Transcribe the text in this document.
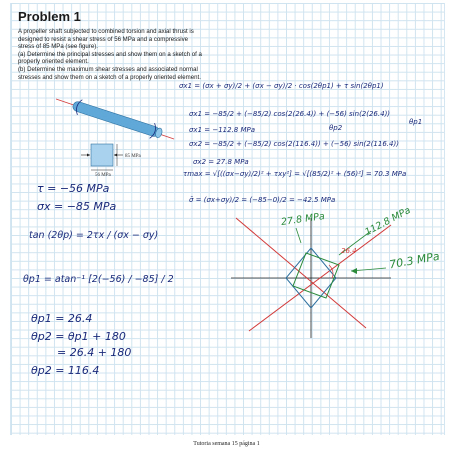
Problem 1

A propeller shaft subjected to combined torsion and axial thrust is designed to resist a shear stress of 56 MPa and a compressive stress of 85 MPa (see figure).

(a) Determine the principal stresses and show them on a sketch of a properly oriented element.

(b) Determine the maximum shear stresses and associated normal stresses and show them on a sketch of a properly oriented element.

85 MPa
56 MPa
τ = −56 MPa
σx = −85 MPa
tan (2θp) = 2τx / (σx − σy)
θp1 = atan⁻¹ [2(−56) / −85] / 2
θp1 = 26.4
θp2 = θp1 + 180
= 26.4 + 180
θp2 = 116.4
σx1 = (σx + σy)/2 + (σx − σy)/2 · cos(2θp1) + τ sin(2θp1)
σx1 = −85/2 + (−85/2) cos(2(26.4)) + (−56) sin(2(26.4))
σx1 = −112.8 MPa	θp2
θp1
σx2 = −85/2 + (−85/2) cos(2(116.4)) + (−56) sin(2(116.4))
σx2 = 27.8 MPa
τmax = √[((σx−σy)/2)² + τxy²] = √[(85/2)² + (56)²] = 70.3 MPa
σ̄ = (σx+σy)/2 = (−85−0)/2 = −42.5 MPa
27.8 MPa	112.8 MPa
70.3 MPa
26.4
Tutoria semana 15 página 1
